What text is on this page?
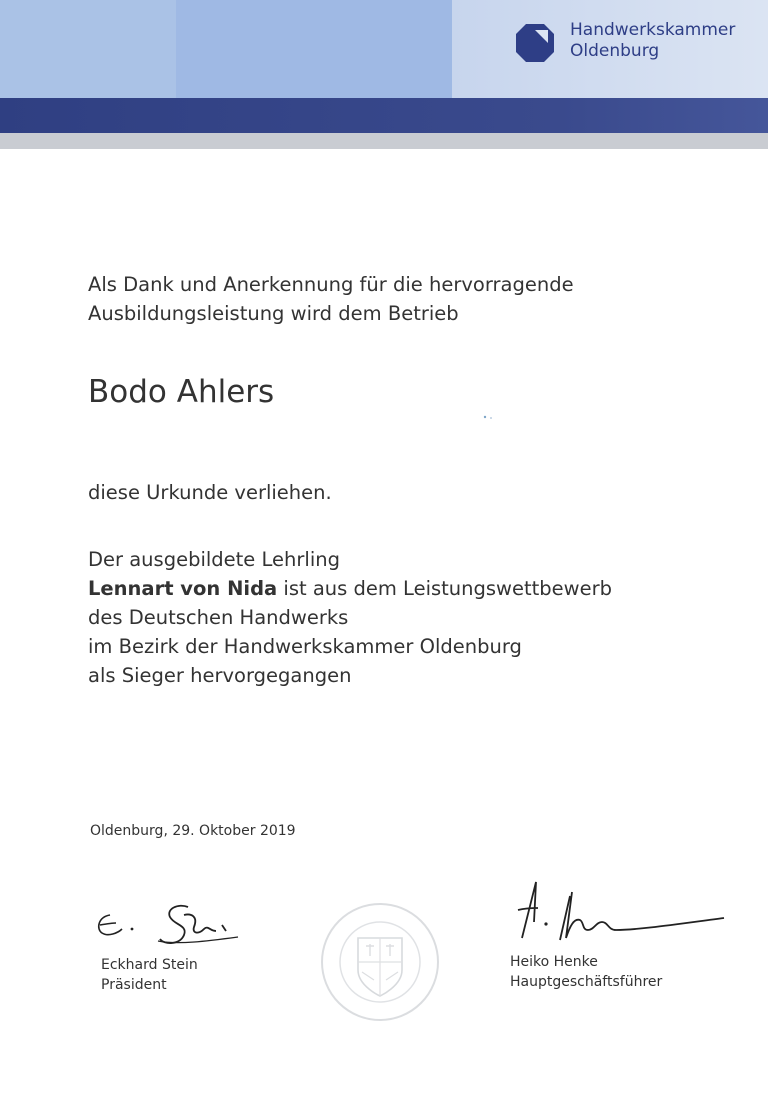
Handwerkskammer
Oldenburg
Als Dank und Anerkennung für die hervorragende
Ausbildungsleistung wird dem Betrieb
Bodo Ahlers
diese Urkunde verliehen.
Der ausgebildete Lehrling
Lennart von Nida ist aus dem Leistungswettbewerb
des Deutschen Handwerks
im Bezirk der Handwerkskammer Oldenburg
als Sieger hervorgegangen
Oldenburg, 29. Oktober 2019
Eckhard Stein
Präsident
Heiko Henke
Hauptgeschäftsführer
